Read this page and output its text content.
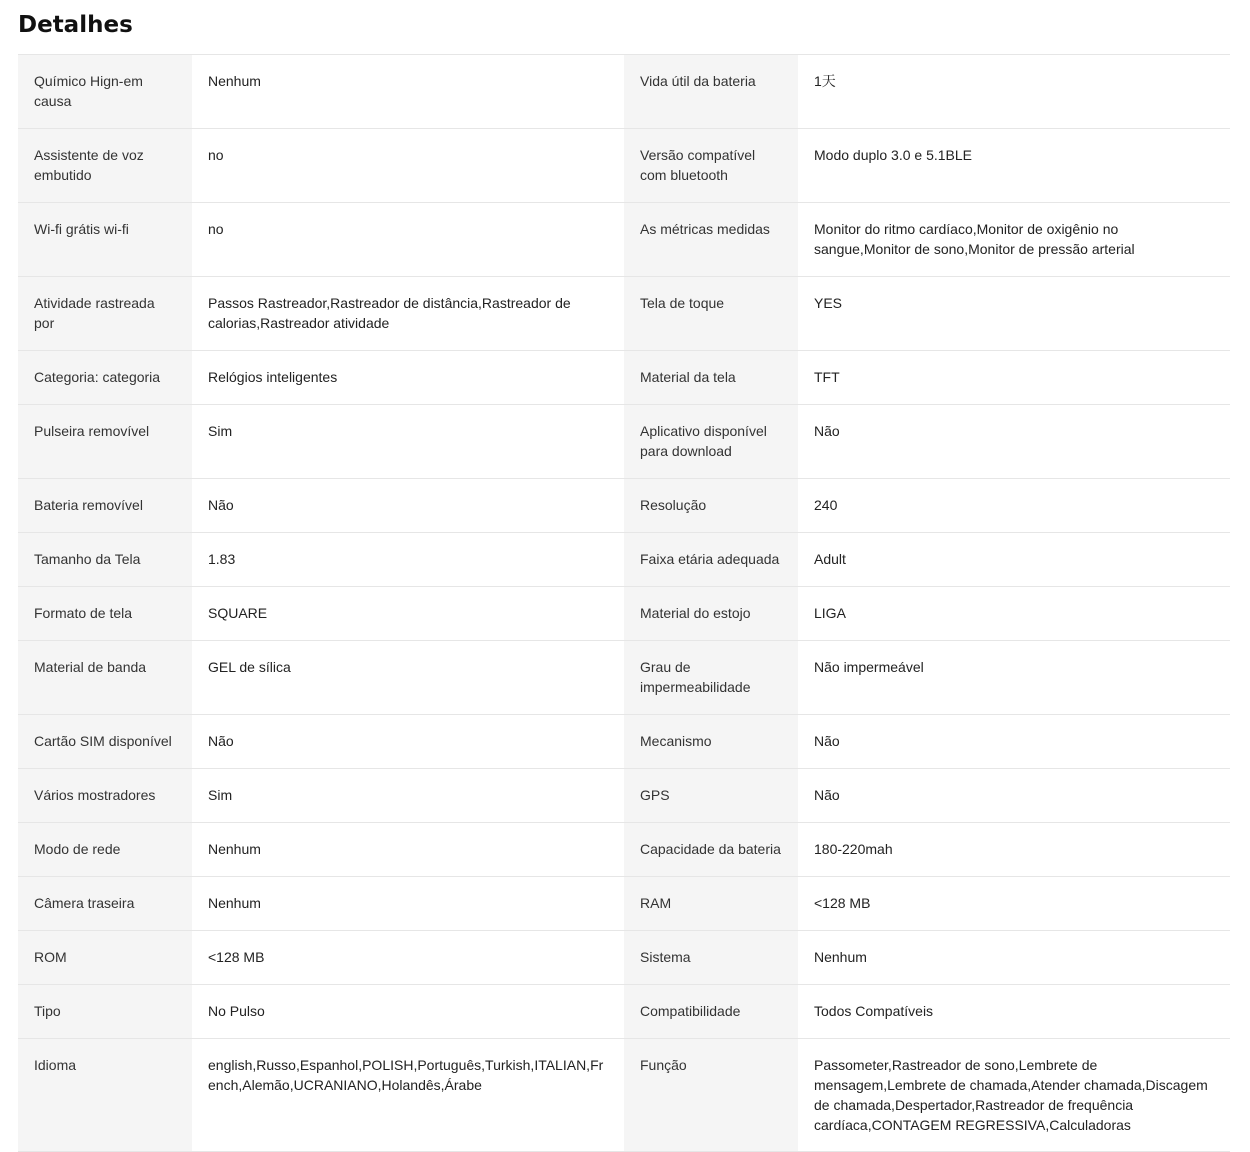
Detalhes
Químico Hign-em causa	Nenhum	Vida útil da bateria	1天
Assistente de voz embutido	no	Versão compatível com bluetooth	Modo duplo 3.0 e 5.1BLE
Wi-fi grátis wi-fi	no	As métricas medidas	Monitor do ritmo cardíaco,Monitor de oxigênio no sangue,Monitor de sono,Monitor de pressão arterial
Atividade rastreada por	Passos Rastreador,Rastreador de distância,Rastreador de calorias,Rastreador atividade	Tela de toque	YES
Categoria: categoria	Relógios inteligentes	Material da tela	TFT
Pulseira removível	Sim	Aplicativo disponível para download	Não
Bateria removível	Não	Resolução	240
Tamanho da Tela	1.83	Faixa etária adequada	Adult
Formato de tela	SQUARE	Material do estojo	LIGA
Material de banda	GEL de sílica	Grau de impermeabilidade	Não impermeável
Cartão SIM disponível	Não	Mecanismo	Não
Vários mostradores	Sim	GPS	Não
Modo de rede	Nenhum	Capacidade da bateria	180-220mah
Câmera traseira	Nenhum	RAM	<128 MB
ROM	<128 MB	Sistema	Nenhum
Tipo	No Pulso	Compatibilidade	Todos Compatíveis
Idioma	english,Russo,Espanhol,POLISH,Português,Turkish,ITALIAN,French,Alemão,UCRANIANO,Holandês,Árabe	Função	Passometer,Rastreador de sono,Lembrete de mensagem,Lembrete de chamada,Atender chamada,Discagem de chamada,Despertador,Rastreador de frequência cardíaca,CONTAGEM REGRESSIVA,Calculadoras
